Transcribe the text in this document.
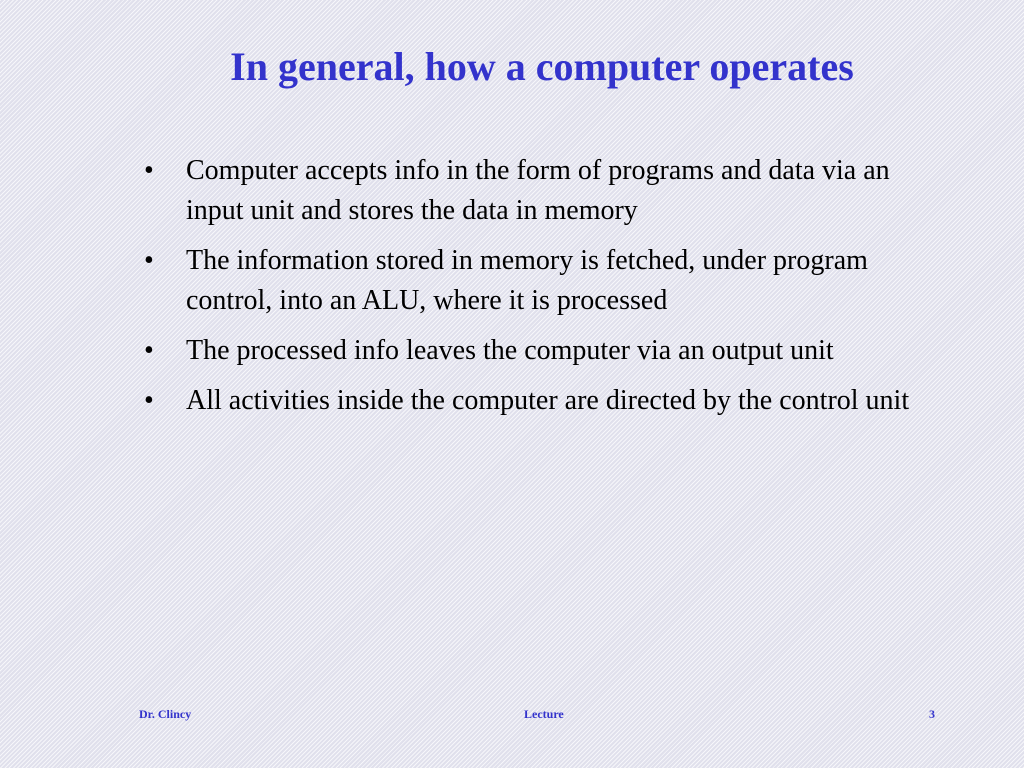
In general, how a computer operates
• Computer accepts info in the form of programs and data via an input unit and stores the data in memory
• The information stored in memory is fetched, under program control, into an ALU, where it is processed
• The processed info leaves the computer via an output unit
• All activities inside the computer are directed by the control unit
Dr. Clincy	Lecture	3
